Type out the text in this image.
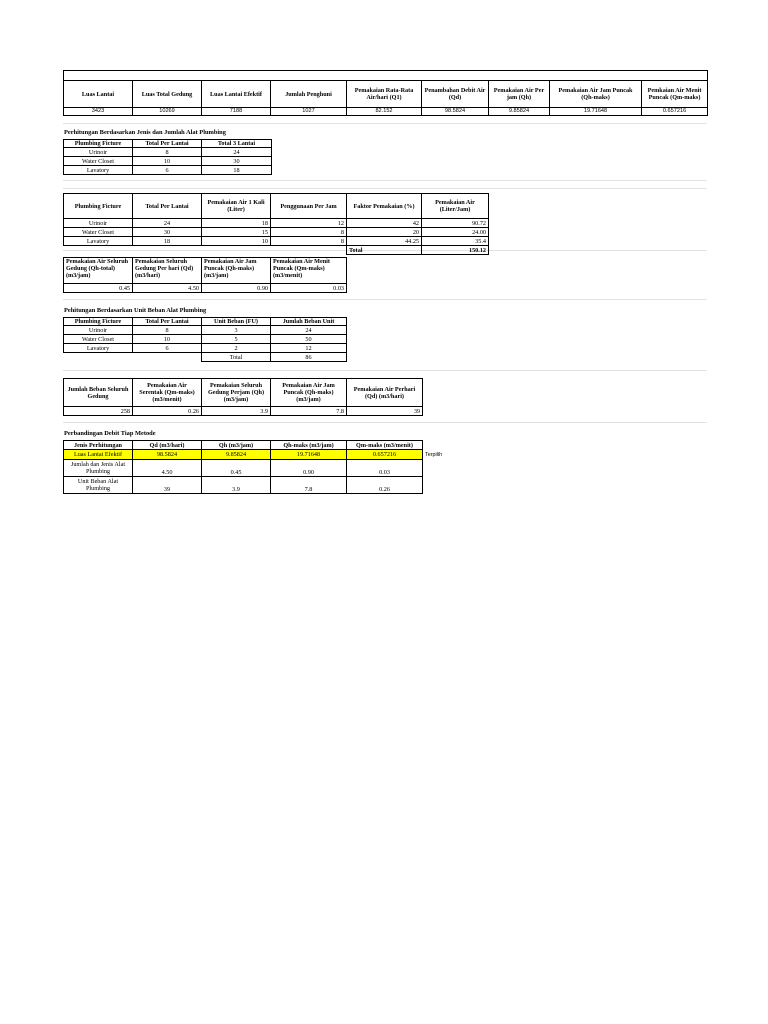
Luas Lantai	Luas Total Gedung	Luas Lantai Efektif	Jumlah Penghuni	Pemakaian Rata-Rata Air/hari (Q1)	Penambahan Debit Air (Qd)	Pemakaian Air Per jam (Qh)	Pemakaian Air Jam Puncak (Qh-maks)	Pemkaian Air Menit Puncak (Qm-maks)
3423	10269	7188	1027	82.152	98.5824	9.85824	19.71648	0.657216
Perhitungan Berdasarkan Jenis dan Jumlah Alat Plumbing
Plumbing Ficture	Total Per Lantai	Total 3 Lantai
Urinoir	8	24
Water Closet	10	30
Lavatory	6	18
Plumbing Ficture	Total Per Lantai	Pemakaian Air 1 Kali (Liter)	Penggunaan Per Jam	Faktor Pemakaian (%)	Pemakaian Air (Liter/Jam)
Urinoir	24	18	12	42	90.72
Water Closet	30	15	8	20	24.00
Lavatory	18	10	8	44.25	35.4
				Total	150.12
Pemakaian Air Seluruh Gedung (Qh-total) (m3/jam)	Pemakaian Seluruh Gedung Per hari (Qd) (m3/hari)	Pemakaian Air Jam Puncak (Qh-maks) (m3/jam)	Pemakaian Air Menit Puncak (Qm-maks) (m3/menit)
0.45	4.50	0.90	0.03
Pehitungan Berdasarkan Unit Beban Alat Plumbing
Plumbing Ficture	Total Per Lantai	Unit Beban (FU)	Jumlah Beban Unit
Urinoir	8	3	24
Water Closet	10	5	50
Lavatory	6	2	12
		Total	86
Jumlah Beban Seluruh Gedung	Pemakaian Air Serentak (Qm-maks) (m3/menit)	Pemakaian Seluruh Gedung Perjam (Qh) (m3/jam)	Pemakaian Air Jam Puncak (Qh-maks) (m3/jam)	Pemakaian Air Perhari (Qd) (m3/hari)
258	0.26	3.9	7.8	39
Perbandingan Debit Tiap Metode
Jenis Perhitungan	Qd (m3/hari)	Qh (m3/jam)	Qh-maks (m3/jam)	Qm-maks (m3/menit)
Luas Lantai Efektif	98.5824	9.85824	19.71648	0.657216
Jumlah dan Jenis Alat Plumbing	4.50	0.45	0.90	0.03
Unit Beban Alat Plumbing	39	3.9	7.8	0.26
Terpilih
